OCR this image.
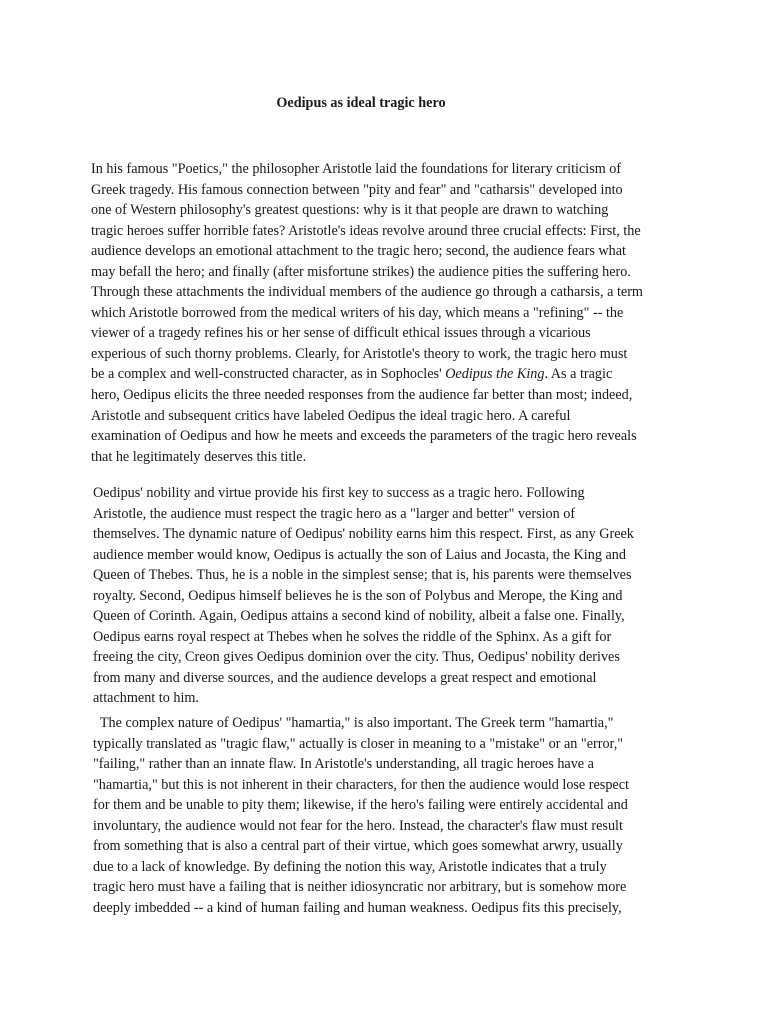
Oedipus as ideal tragic hero

In his famous "Poetics," the philosopher Aristotle laid the foundations for literary criticism of
Greek tragedy. His famous connection between "pity and fear" and "catharsis" developed into
one of Western philosophy's greatest questions: why is it that people are drawn to watching
tragic heroes suffer horrible fates? Aristotle's ideas revolve around three crucial effects: First, the
audience develops an emotional attachment to the tragic hero; second, the audience fears what
may befall the hero; and finally (after misfortune strikes) the audience pities the suffering hero.
Through these attachments the individual members of the audience go through a catharsis, a term
which Aristotle borrowed from the medical writers of his day, which means a "refining" -- the
viewer of a tragedy refines his or her sense of difficult ethical issues through a vicarious
experious of such thorny problems. Clearly, for Aristotle's theory to work, the tragic hero must
be a complex and well-constructed character, as in Sophocles' Oedipus the King. As a tragic
hero, Oedipus elicits the three needed responses from the audience far better than most; indeed,
Aristotle and subsequent critics have labeled Oedipus the ideal tragic hero. A careful
examination of Oedipus and how he meets and exceeds the parameters of the tragic hero reveals
that he legitimately deserves this title.

Oedipus' nobility and virtue provide his first key to success as a tragic hero. Following
Aristotle, the audience must respect the tragic hero as a "larger and better" version of
themselves. The dynamic nature of Oedipus' nobility earns him this respect. First, as any Greek
audience member would know, Oedipus is actually the son of Laius and Jocasta, the King and
Queen of Thebes. Thus, he is a noble in the simplest sense; that is, his parents were themselves
royalty. Second, Oedipus himself believes he is the son of Polybus and Merope, the King and
Queen of Corinth. Again, Oedipus attains a second kind of nobility, albeit a false one. Finally,
Oedipus earns royal respect at Thebes when he solves the riddle of the Sphinx. As a gift for
freeing the city, Creon gives Oedipus dominion over the city. Thus, Oedipus' nobility derives
from many and diverse sources, and the audience develops a great respect and emotional
attachment to him.

The complex nature of Oedipus' "hamartia," is also important. The Greek term "hamartia,"
typically translated as "tragic flaw," actually is closer in meaning to a "mistake" or an "error,"
"failing," rather than an innate flaw. In Aristotle's understanding, all tragic heroes have a
"hamartia," but this is not inherent in their characters, for then the audience would lose respect
for them and be unable to pity them; likewise, if the hero's failing were entirely accidental and
involuntary, the audience would not fear for the hero. Instead, the character's flaw must result
from something that is also a central part of their virtue, which goes somewhat arwry, usually
due to a lack of knowledge. By defining the notion this way, Aristotle indicates that a truly
tragic hero must have a failing that is neither idiosyncratic nor arbitrary, but is somehow more
deeply imbedded -- a kind of human failing and human weakness. Oedipus fits this precisely,
